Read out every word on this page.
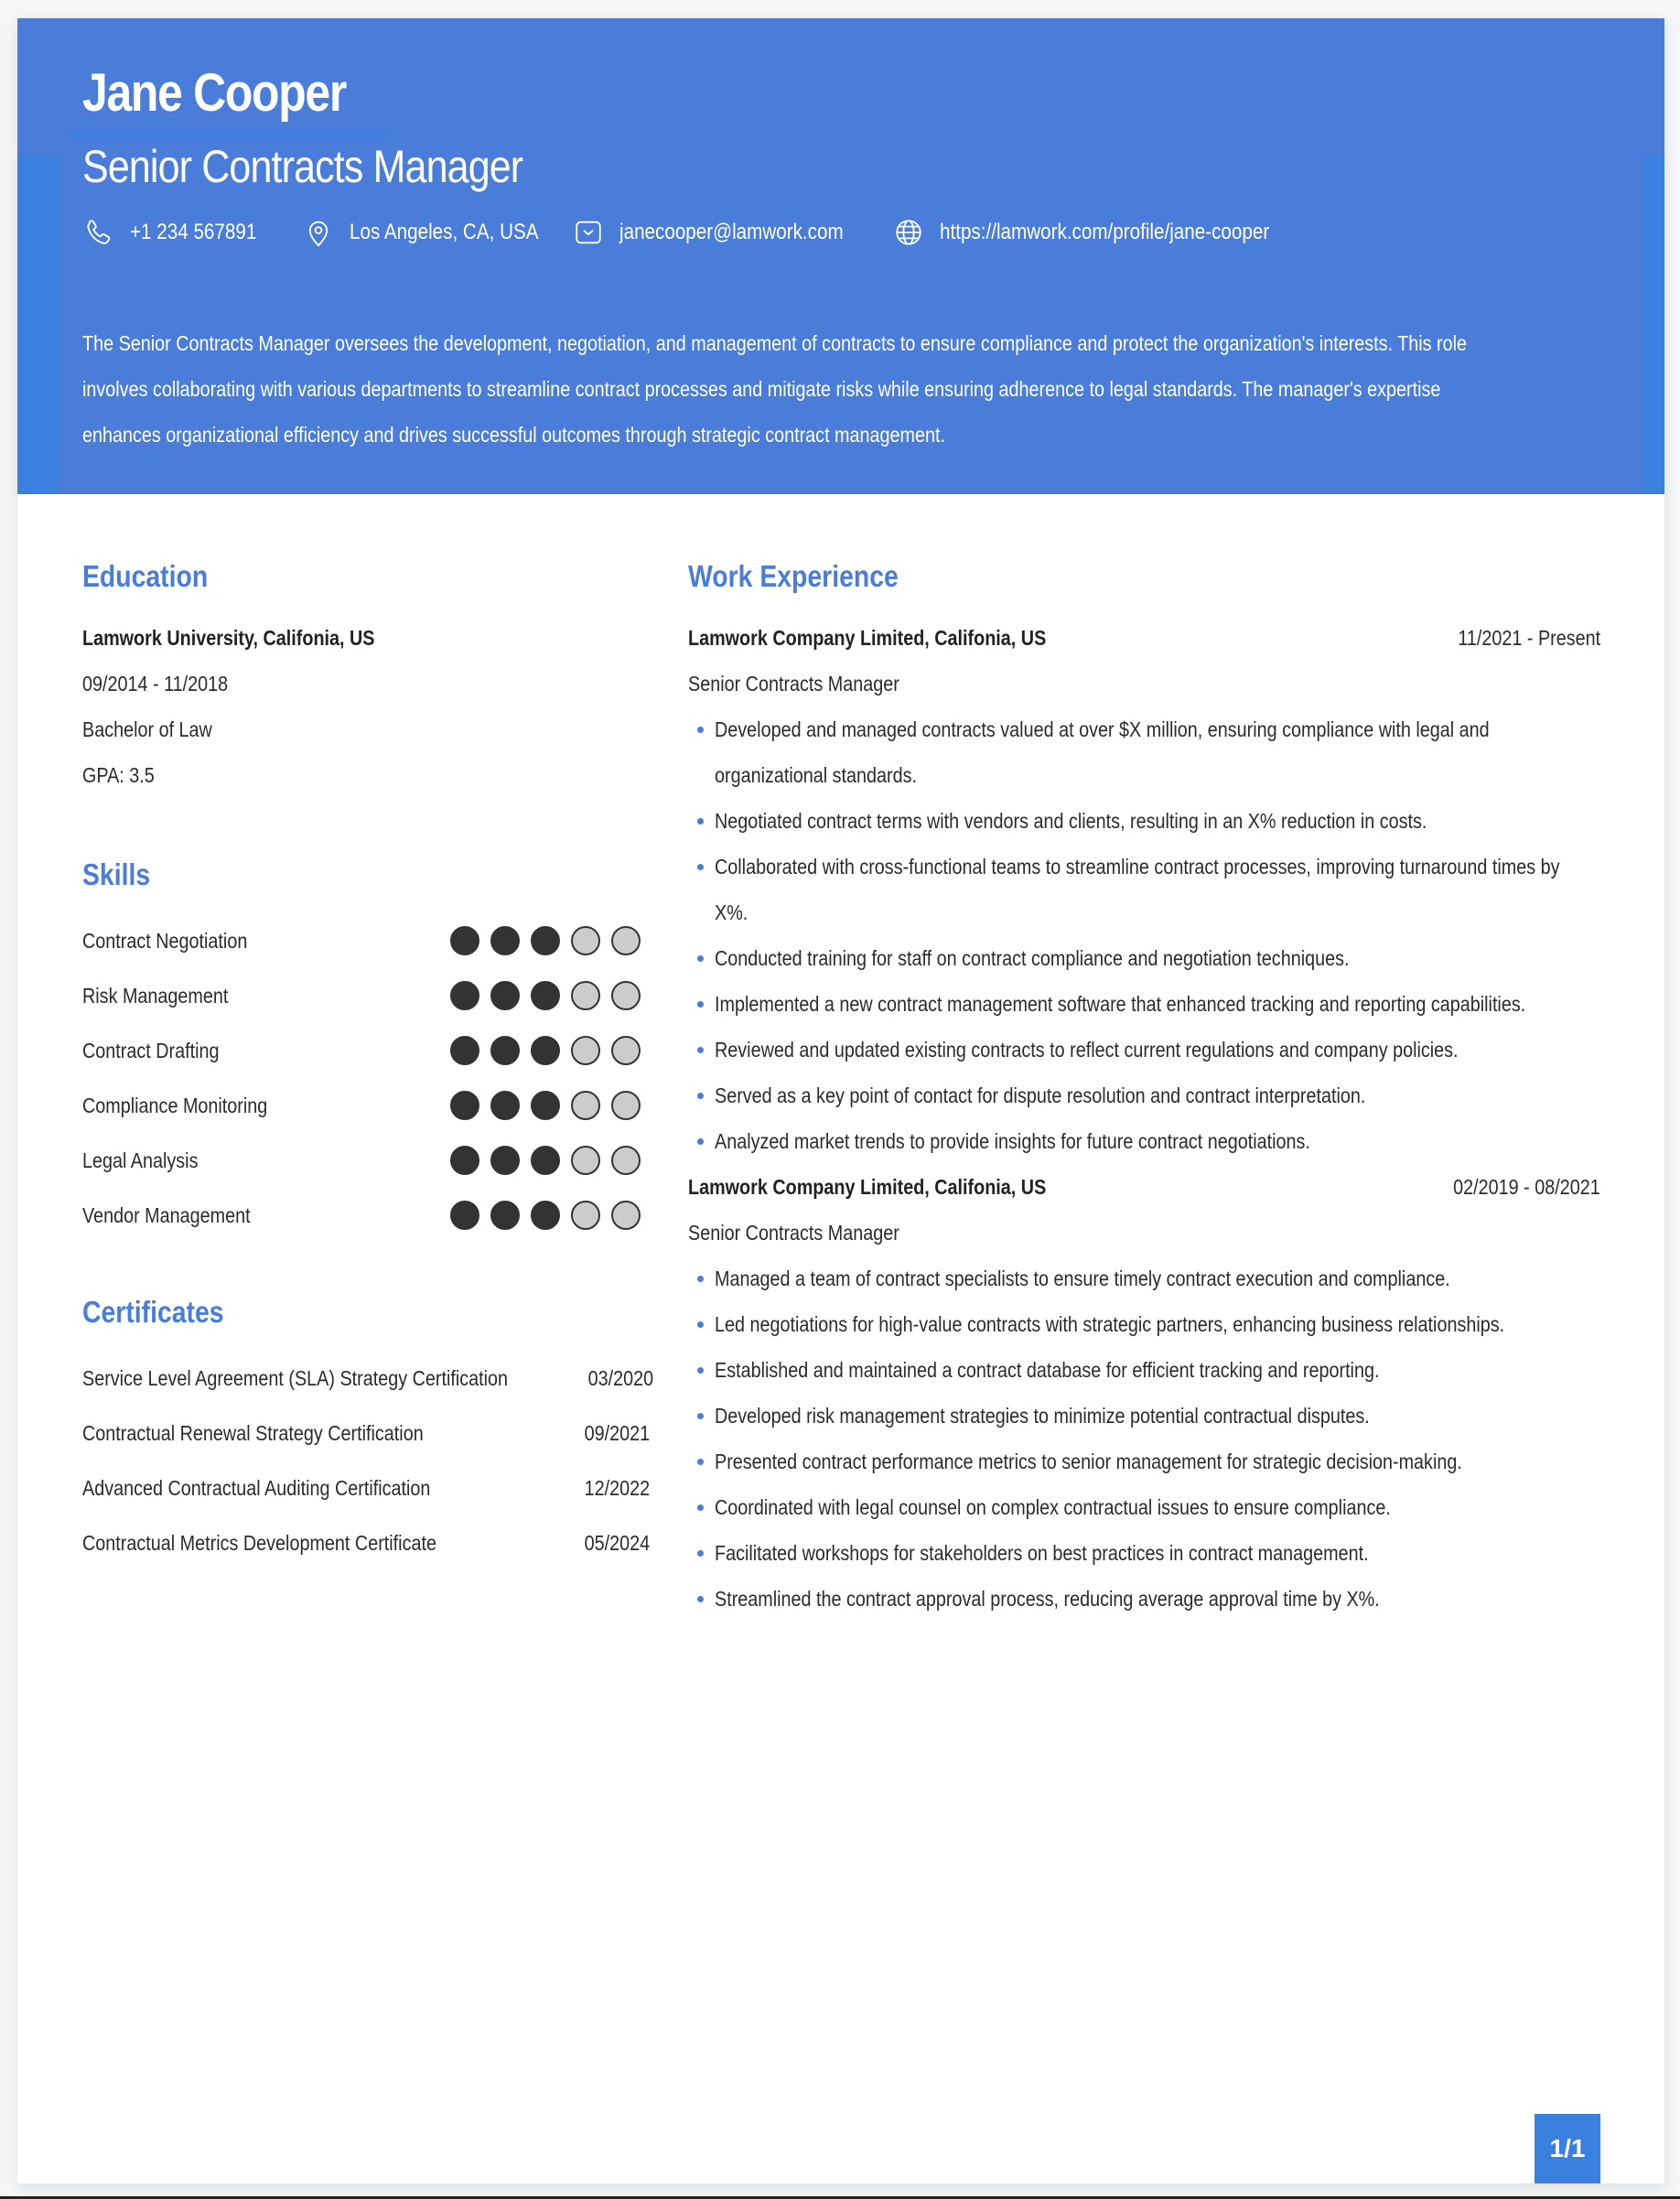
Jane Cooper
Senior Contracts Manager
+1 234 567891	Los Angeles, CA, USA	janecooper@lamwork.com	https://lamwork.com/profile/jane-cooper
The Senior Contracts Manager oversees the development, negotiation, and management of contracts to ensure compliance and protect the organization's interests. This role
involves collaborating with various departments to streamline contract processes and mitigate risks while ensuring adherence to legal standards. The manager's expertise
enhances organizational efficiency and drives successful outcomes through strategic contract management.
Education
Lamwork University, Califonia, US
09/2014 - 11/2018
Bachelor of Law
GPA: 3.5
Skills
Contract Negotiation
Risk Management
Contract Drafting
Compliance Monitoring
Legal Analysis
Vendor Management
Certificates
Service Level Agreement (SLA) Strategy Certification	03/2020
Contractual Renewal Strategy Certification	09/2021
Advanced Contractual Auditing Certification	12/2022
Contractual Metrics Development Certificate	05/2024
Work Experience
Lamwork Company Limited, Califonia, US	11/2021 - Present
Senior Contracts Manager
Developed and managed contracts valued at over $X million, ensuring compliance with legal and organizational standards.
Negotiated contract terms with vendors and clients, resulting in an X% reduction in costs.
Collaborated with cross-functional teams to streamline contract processes, improving turnaround times by X%.
Conducted training for staff on contract compliance and negotiation techniques.
Implemented a new contract management software that enhanced tracking and reporting capabilities.
Reviewed and updated existing contracts to reflect current regulations and company policies.
Served as a key point of contact for dispute resolution and contract interpretation.
Analyzed market trends to provide insights for future contract negotiations.
Lamwork Company Limited, Califonia, US	02/2019 - 08/2021
Senior Contracts Manager
Managed a team of contract specialists to ensure timely contract execution and compliance.
Led negotiations for high-value contracts with strategic partners, enhancing business relationships.
Established and maintained a contract database for efficient tracking and reporting.
Developed risk management strategies to minimize potential contractual disputes.
Presented contract performance metrics to senior management for strategic decision-making.
Coordinated with legal counsel on complex contractual issues to ensure compliance.
Facilitated workshops for stakeholders on best practices in contract management.
Streamlined the contract approval process, reducing average approval time by X%.
1/1
